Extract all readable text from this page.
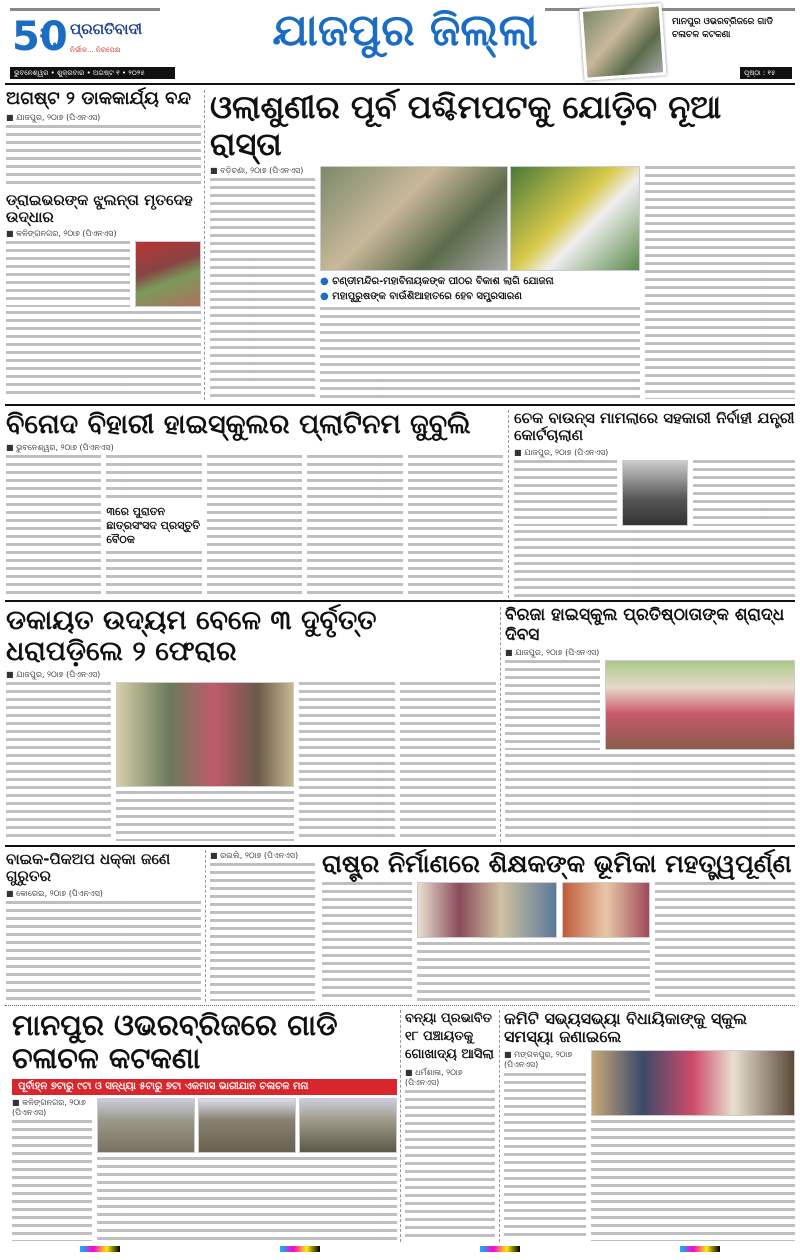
50 ପ୍ରଗତିବାଦୀ
ନିର୍ଭୀକ... ନିରପେକ୍ଷ
ଭୁବନେଶ୍ୱର • ଶୁକ୍ରବାର • ଅଗଷ୍ଟ ୧ • ୨୦୨୫
ଯାଜପୁର ଜିଲ୍ଲା	ମାନପୁର ଓଭରବ୍ରିଜରେ ଗାଡି ଚଳାଚଳ କଟକଣା
ପୃଷ୍ଠା : ୧୫
ଅଗଷ୍ଟ ୨ ଡାକକାର୍ଯ୍ୟ ବନ୍ଦ
■ ଯାଜପୁର, ୨୦ା୭ (ପିଏନଏସ)
ଡ୍ରାଇଭରଙ୍କ ଝୁଲନ୍ତା ମୃତଦେହ ଉଦ୍ଧାର
■ କଳିଙ୍ଗନଗର, ୨୦ା୭ (ପିଏନଏସ)
ଓଲାଶୁଣୀର ପୂର୍ବ ପଶ୍ଚିମପଟକୁ ଯୋଡ଼ିବ ନୂଆ ରାସ୍ତା
■ ବଡ଼ିଚଣା, ୨୦ା୭ (ପିଏନଏସ)
● ଚଣ୍ଡୀମନ୍ଦିର-ମହାବିନାୟକଙ୍କ ପୀଠର ବିକାଶ ଲାଗି ଯୋଜନା
● ମହାପୁରୁଷଙ୍କ ବାଉଁଶିଆହାତରେ ହେବ ସମ୍ପ୍ରସାରଣ
ବିନୋଦ ବିହାରୀ ହାଇସ୍କୁଲର ପ୍ଲାଟିନମ ଜୁବୁଲି
■ ଭୁବନେଶ୍ୱର, ୨୦ା୭ (ପିଏନଏସ)
୩ରେ ପୁରାତନ
ଛାତ୍ରସଂସଦ ପ୍ରସ୍ତୁତି ବୈଠକ
ଚେକ ବାଉନ୍ସ ମାମଲାରେ ସହକାରୀ ନିର୍ବାହୀ ଯନ୍ତ୍ରୀ କୋର୍ଟଚାଲାଣ
■ ଯାଜପୁର, ୨୦ା୭ (ପିଏନଏସ)
ଡକାୟତ ଉଦ୍ୟମ ବେଳେ ୩ ଦୁର୍ବୃତ୍ତ ଧରାପଡ଼ିଲେ ୨ ଫେରାର
■ ଯାଜପୁର, ୨୦ା୭ (ପିଏନଏସ)
ବିରଜା ହାଇସ୍କୁଲ ପ୍ରତିଷ୍ଠାତାଙ୍କ ଶ୍ରାଦ୍ଧ ଦିବସ
■ ଯାଜପୁର, ୨୦ା୭ (ପିଏନଏସ)
ବାଇକ-ପିକଅପ ଧକ୍କା ଜଣେ ଗୁରୁତର
■ କୋରେଇ, ୨୦ା୭ (ପିଏନଏସ)
■ ରଇଲି, ୨୦ା୭ (ପିଏନଏସ) ରାଷ୍ଟ୍ର ନିର୍ମାଣରେ ଶିକ୍ଷକଙ୍କ ଭୂମିକା ମହତ୍ତ୍ୱପୂର୍ଣ୍ଣ
ମାନପୁର ଓଭରବ୍ରିଜରେ ଗାଡି ଚଳାଚଳ କଟକଣା
ପୂର୍ବାହ୍ନ ୭ଟାରୁ ୯ଟା ଓ ସନ୍ଧ୍ୟା ୫ଟାରୁ ୭ଟା ଏକମାସ ଭାରୀଯାନ ଚଳାଚଳ ମନା
■ କଳିଙ୍ଗନଗର, ୨୦ା୭ (ପିଏନଏସ)
ବନ୍ୟା ପ୍ରଭାବିତ ୧୮ ପଞ୍ଚାୟତକୁ ଗୋଖାଦ୍ୟ ଆସିଲା
■ ଧର୍ମଶାଳା, ୨୦ା୭ (ପିଏନଏସ)
କମିଟି ସଭ୍ୟସଭ୍ୟା ବିଧାୟିକାଙ୍କୁ ସ୍କୁଲ ସମସ୍ୟା ଜଣାଇଲେ
■ ମଙ୍ଗଳପୁର, ୨୦ା୭ (ପିଏନଏସ)
